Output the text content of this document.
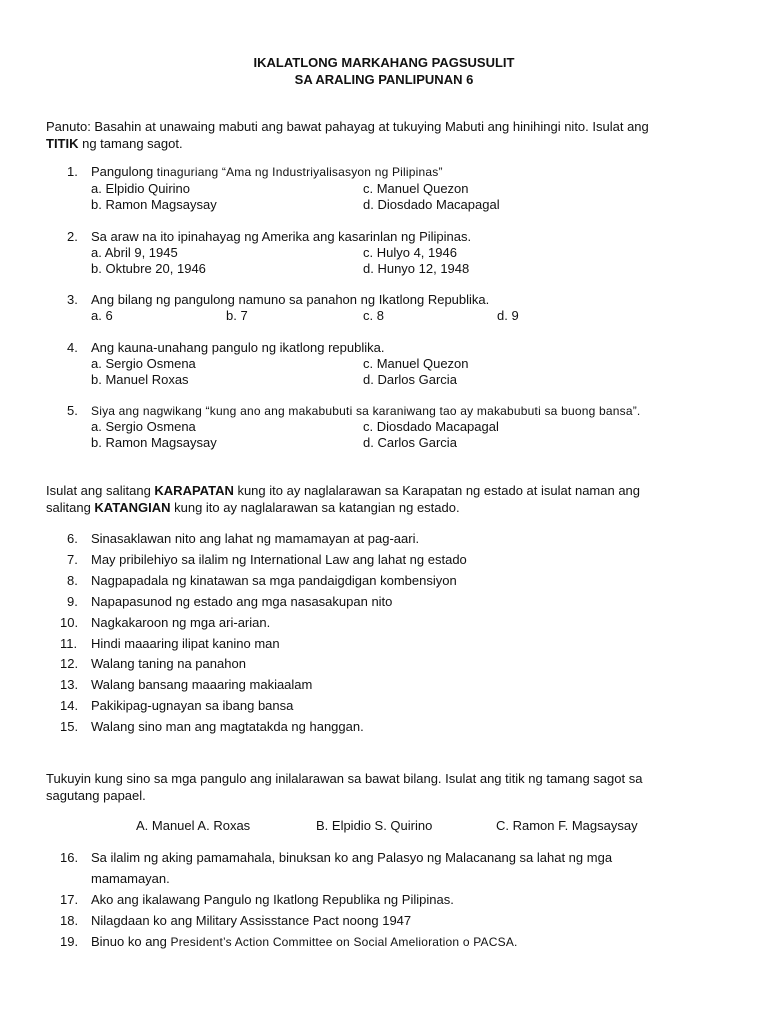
IKALATLONG MARKAHANG PAGSUSULIT
SA ARALING PANLIPUNAN 6
Panuto: Basahin at unawaing mabuti ang bawat pahayag at tukuying Mabuti ang hinihingi nito. Isulat ang
TITIK ng tamang sagot.
1. Pangulong tinaguriang “Ama ng Industriyalisasyon ng Pilipinas”
a. Elpidio Quirino	c. Manuel Quezon
b. Ramon Magsaysay	d. Diosdado Macapagal
2. Sa araw na ito ipinahayag ng Amerika ang kasarinlan ng Pilipinas.
a. Abril 9, 1945	c. Hulyo 4, 1946
b. Oktubre 20, 1946	d. Hunyo 12, 1948
3. Ang bilang ng pangulong namuno sa panahon ng Ikatlong Republika.
a. 6	b. 7	c. 8	d. 9
4. Ang kauna-unahang pangulo ng ikatlong republika.
a. Sergio Osmena	c. Manuel Quezon
b. Manuel Roxas	d. Darlos Garcia
5. Siya ang nagwikang “kung ano ang makabubuti sa karaniwang tao ay makabubuti sa buong bansa”.
a. Sergio Osmena	c. Diosdado Macapagal
b. Ramon Magsaysay	d. Carlos Garcia
Isulat ang salitang KARAPATAN kung ito ay naglalarawan sa Karapatan ng estado at isulat naman ang
salitang KATANGIAN kung ito ay naglalarawan sa katangian ng estado.
6. Sinasaklawan nito ang lahat ng mamamayan at pag-aari.
7. May pribilehiyo sa ilalim ng International Law ang lahat ng estado
8. Nagpapadala ng kinatawan sa mga pandaigdigan kombensiyon
9. Napapasunod ng estado ang mga nasasakupan nito
10. Nagkakaroon ng mga ari-arian.
11. Hindi maaaring ilipat kanino man
12. Walang taning na panahon
13. Walang bansang maaaring makiaalam
14. Pakikipag-ugnayan sa ibang bansa
15. Walang sino man ang magtatakda ng hanggan.
Tukuyin kung sino sa mga pangulo ang inilalarawan sa bawat bilang. Isulat ang titik ng tamang sagot sa
sagutang papael.
A. Manuel A. Roxas	B. Elpidio S. Quirino	C. Ramon F. Magsaysay
16. Sa ilalim ng aking pamamahala, binuksan ko ang Palasyo ng Malacanang sa lahat ng mga
mamamayan.
17. Ako ang ikalawang Pangulo ng Ikatlong Republika ng Pilipinas.
18. Nilagdaan ko ang Military Assisstance Pact noong 1947
19. Binuo ko ang President’s Action Committee on Social Amelioration o PACSA.
